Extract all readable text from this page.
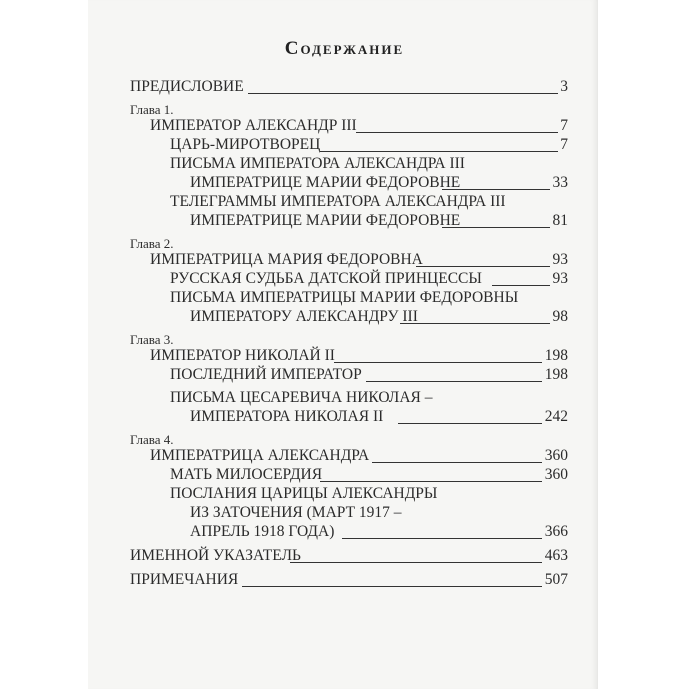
Содержание
ПРЕДИСЛОВИЕ	3
Глава 1.
ИМПЕРАТОР АЛЕКСАНДР III	7
ЦАРЬ-МИРОТВОРЕЦ	7
ПИСЬМА ИМПЕРАТОРА АЛЕКСАНДРА III
ИМПЕРАТРИЦЕ МАРИИ ФЕДОРОВНЕ	33
ТЕЛЕГРАММЫ ИМПЕРАТОРА АЛЕКСАНДРА III
ИМПЕРАТРИЦЕ МАРИИ ФЕДОРОВНЕ	81
Глава 2.
ИМПЕРАТРИЦА МАРИЯ ФЕДОРОВНА	93
РУССКАЯ СУДЬБА ДАТСКОЙ ПРИНЦЕССЫ	93
ПИСЬМА ИМПЕРАТРИЦЫ МАРИИ ФЕДОРОВНЫ
ИМПЕРАТОРУ АЛЕКСАНДРУ III	98
Глава 3.
ИМПЕРАТОР НИКОЛАЙ II	198
ПОСЛЕДНИЙ ИМПЕРАТОР	198
ПИСЬМА ЦЕСАРЕВИЧА НИКОЛАЯ –
ИМПЕРАТОРА НИКОЛАЯ II	242
Глава 4.
ИМПЕРАТРИЦА АЛЕКСАНДРА	360
МАТЬ МИЛОСЕРДИЯ	360
ПОСЛАНИЯ ЦАРИЦЫ АЛЕКСАНДРЫ
ИЗ ЗАТОЧЕНИЯ (МАРТ 1917 –
АПРЕЛЬ 1918 ГОДА)	366
ИМЕННОЙ УКАЗАТЕЛЬ	463
ПРИМЕЧАНИЯ	507
